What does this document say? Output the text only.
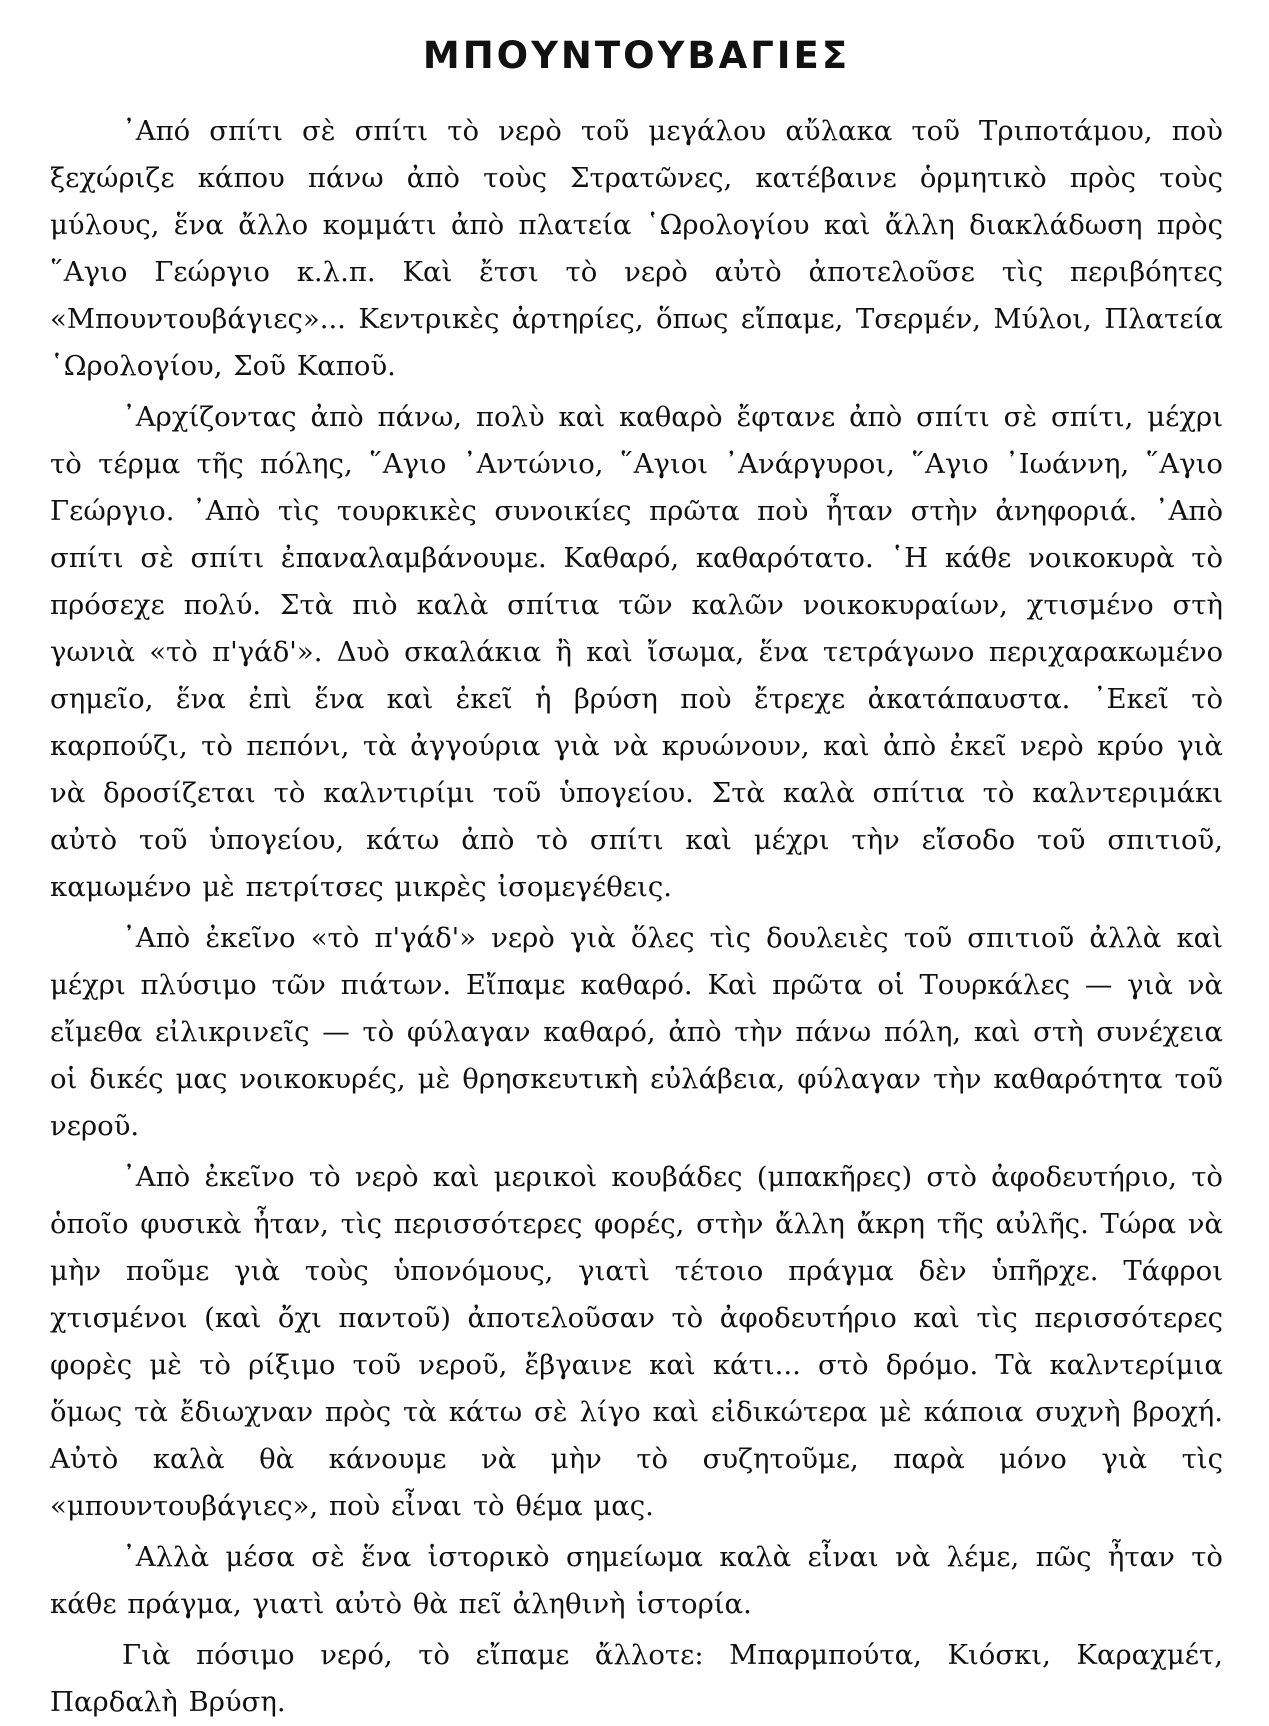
ΜΠΟΥΝΤΟΥΒΑΓΙΕΣ

᾿Από σπίτι σὲ σπίτι τὸ νερὸ τοῦ μεγάλου αὔλακα τοῦ Τριποτάμου, ποὺ ξεχώριζε κάπου πάνω ἀπὸ τοὺς Στρατῶνες, κατέβαινε ὁρμητικὸ πρὸς τοὺς μύλους, ἕνα ἄλλο κομμάτι ἀπὸ πλατεία ῾Ωρολογίου καὶ ἄλλη διακλάδωση πρὸς ῞Αγιο Γεώργιο κ.λ.π. Καὶ ἔτσι τὸ νερὸ αὐτὸ ἀποτελοῦσε τὶς περιβόητες «Μπουντουβάγιες»... Κεντρικὲς ἀρτηρίες, ὅπως εἴπαμε, Τσερμέν, Μύλοι, Πλατεία ῾Ωρολογίου, Σοῦ Καποῦ.

᾿Αρχίζοντας ἀπὸ πάνω, πολὺ καὶ καθαρὸ ἔφτανε ἀπὸ σπίτι σὲ σπίτι, μέχρι τὸ τέρμα τῆς πόλης, ῞Αγιο ᾿Αντώνιο, ῞Αγιοι ᾿Ανάργυροι, ῞Αγιο ᾿Ιωάννη, ῞Αγιο Γεώργιο. ᾿Απὸ τὶς τουρκικὲς συνοικίες πρῶτα ποὺ ἦταν στὴν ἀνηφοριά. ᾿Απὸ σπίτι σὲ σπίτι ἐπαναλαμβάνουμε. Καθαρό, καθαρότατο. ῾Η κάθε νοικοκυρὰ τὸ πρόσεχε πολύ. Στὰ πιὸ καλὰ σπίτια τῶν καλῶν νοικοκυραίων, χτισμένο στὴ γωνιὰ «τὸ π'γάδ'». Δυὸ σκαλάκια ἢ καὶ ἴσωμα, ἕνα τετράγωνο περιχαρακωμένο σημεῖο, ἕνα ἐπὶ ἕνα καὶ ἐκεῖ ἡ βρύση ποὺ ἔτρεχε ἀκατάπαυστα. ᾿Εκεῖ τὸ καρπούζι, τὸ πεπόνι, τὰ ἀγγούρια γιὰ νὰ κρυώνουν, καὶ ἀπὸ ἐκεῖ νερὸ κρύο γιὰ νὰ δροσίζεται τὸ καλντιρίμι τοῦ ὑπογείου. Στὰ καλὰ σπίτια τὸ καλντεριμάκι αὐτὸ τοῦ ὑπογείου, κάτω ἀπὸ τὸ σπίτι καὶ μέχρι τὴν εἴσοδο τοῦ σπιτιοῦ, καμωμένο μὲ πετρίτσες μικρὲς ἰσομεγέθεις.

᾿Απὸ ἐκεῖνο «τὸ π'γάδ'» νερὸ γιὰ ὅλες τὶς δουλειὲς τοῦ σπιτιοῦ ἀλλὰ καὶ μέχρι πλύσιμο τῶν πιάτων. Εἴπαμε καθαρό. Καὶ πρῶτα οἱ Τουρκάλες — γιὰ νὰ εἴμεθα εἰλικρινεῖς — τὸ φύλαγαν καθαρό, ἀπὸ τὴν πάνω πόλη, καὶ στὴ συνέχεια οἱ δικές μας νοικοκυρές, μὲ θρησκευτικὴ εὐλάβεια, φύλαγαν τὴν καθαρότητα τοῦ νεροῦ.

᾿Απὸ ἐκεῖνο τὸ νερὸ καὶ μερικοὶ κουβάδες (μπακῆρες) στὸ ἀφοδευτήριο, τὸ ὁποῖο φυσικὰ ἦταν, τὶς περισσότερες φορές, στὴν ἄλλη ἄκρη τῆς αὐλῆς. Τώρα νὰ μὴν ποῦμε γιὰ τοὺς ὑπονόμους, γιατὶ τέτοιο πράγμα δὲν ὑπῆρχε. Τάφροι χτισμένοι (καὶ ὄχι παντοῦ) ἀποτελοῦσαν τὸ ἀφοδευτήριο καὶ τὶς περισσότερες φορὲς μὲ τὸ ρίξιμο τοῦ νεροῦ, ἔβγαινε καὶ κάτι... στὸ δρόμο. Τὰ καλντερίμια ὅμως τὰ ἔδιωχναν πρὸς τὰ κάτω σὲ λίγο καὶ εἰδικώτερα μὲ κάποια συχνὴ βροχή. Αὐτὸ καλὰ θὰ κάνουμε νὰ μὴν τὸ συζητοῦμε, παρὰ μόνο γιὰ τὶς «μπουντουβάγιες», ποὺ εἶναι τὸ θέμα μας.

᾿Αλλὰ μέσα σὲ ἕνα ἱστορικὸ σημείωμα καλὰ εἶναι νὰ λέμε, πῶς ἦταν τὸ κάθε πράγμα, γιατὶ αὐτὸ θὰ πεῖ ἀληθινὴ ἱστορία.

Γιὰ πόσιμο νερό, τὸ εἴπαμε ἄλλοτε: Μπαρμπούτα, Κιόσκι, Καραχμέτ, Παρδαλὴ Βρύση.
